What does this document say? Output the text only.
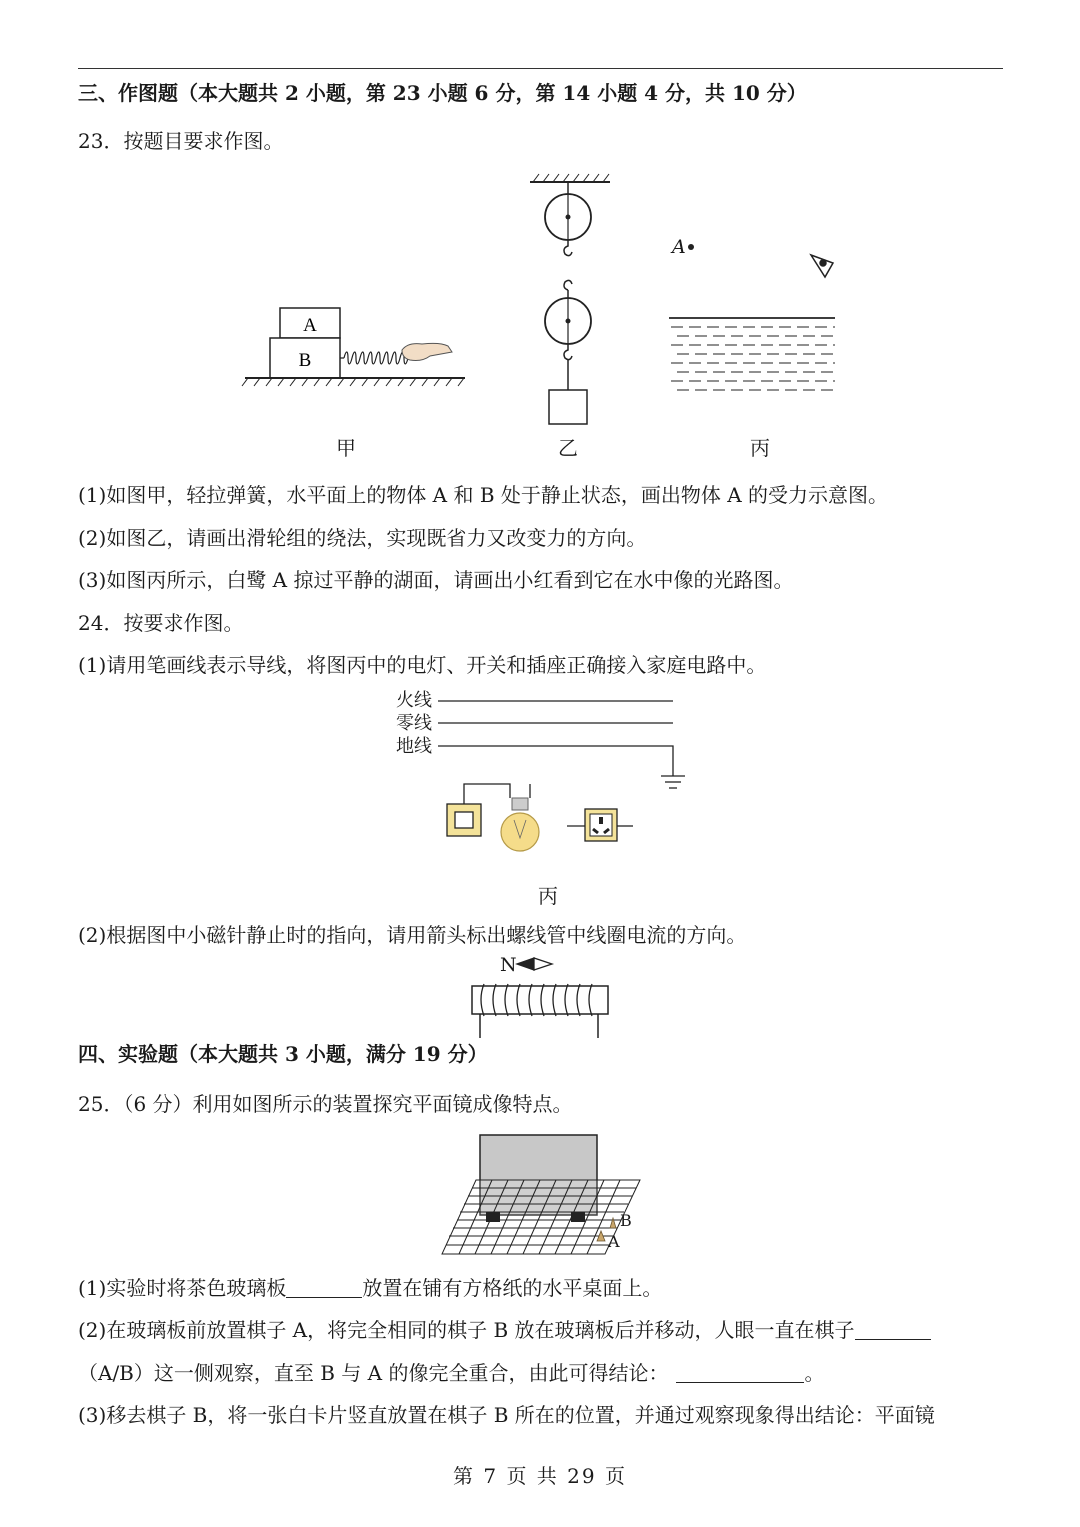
三、作图题（本大题共 2 小题，第 23 小题 6 分，第 14 小题 4 分，共 10 分）
23．按题目要求作图。
A
B
A
甲	乙	丙
(1)如图甲，轻拉弹簧，水平面上的物体 A 和 B 处于静止状态，画出物体 A 的受力示意图。
(2)如图乙，请画出滑轮组的绕法，实现既省力又改变力的方向。
(3)如图丙所示，白鹭 A 掠过平静的湖面，请画出小红看到它在水中像的光路图。
24．按要求作图。
(1)请用笔画线表示导线，将图丙中的电灯、开关和插座正确接入家庭电路中。
火线
零线
地线
丙
(2)根据图中小磁针静止时的指向，请用箭头标出螺线管中线圈电流的方向。
N
四、实验题（本大题共 3 小题，满分 19 分）
25．（6 分）利用如图所示的装置探究平面镜成像特点。
B
A
(1)实验时将茶色玻璃板	放置在铺有方格纸的水平桌面上。
(2)在玻璃板前放置棋子 A，将完全相同的棋子 B 放在玻璃板后并移动，人眼一直在棋子
（A/B）这一侧观察，直至 B 与 A 的像完全重合，由此可得结论：	。
(3)移去棋子 B，将一张白卡片竖直放置在棋子 B 所在的位置，并通过观察现象得出结论：平面镜
第 7 页 共 29 页
